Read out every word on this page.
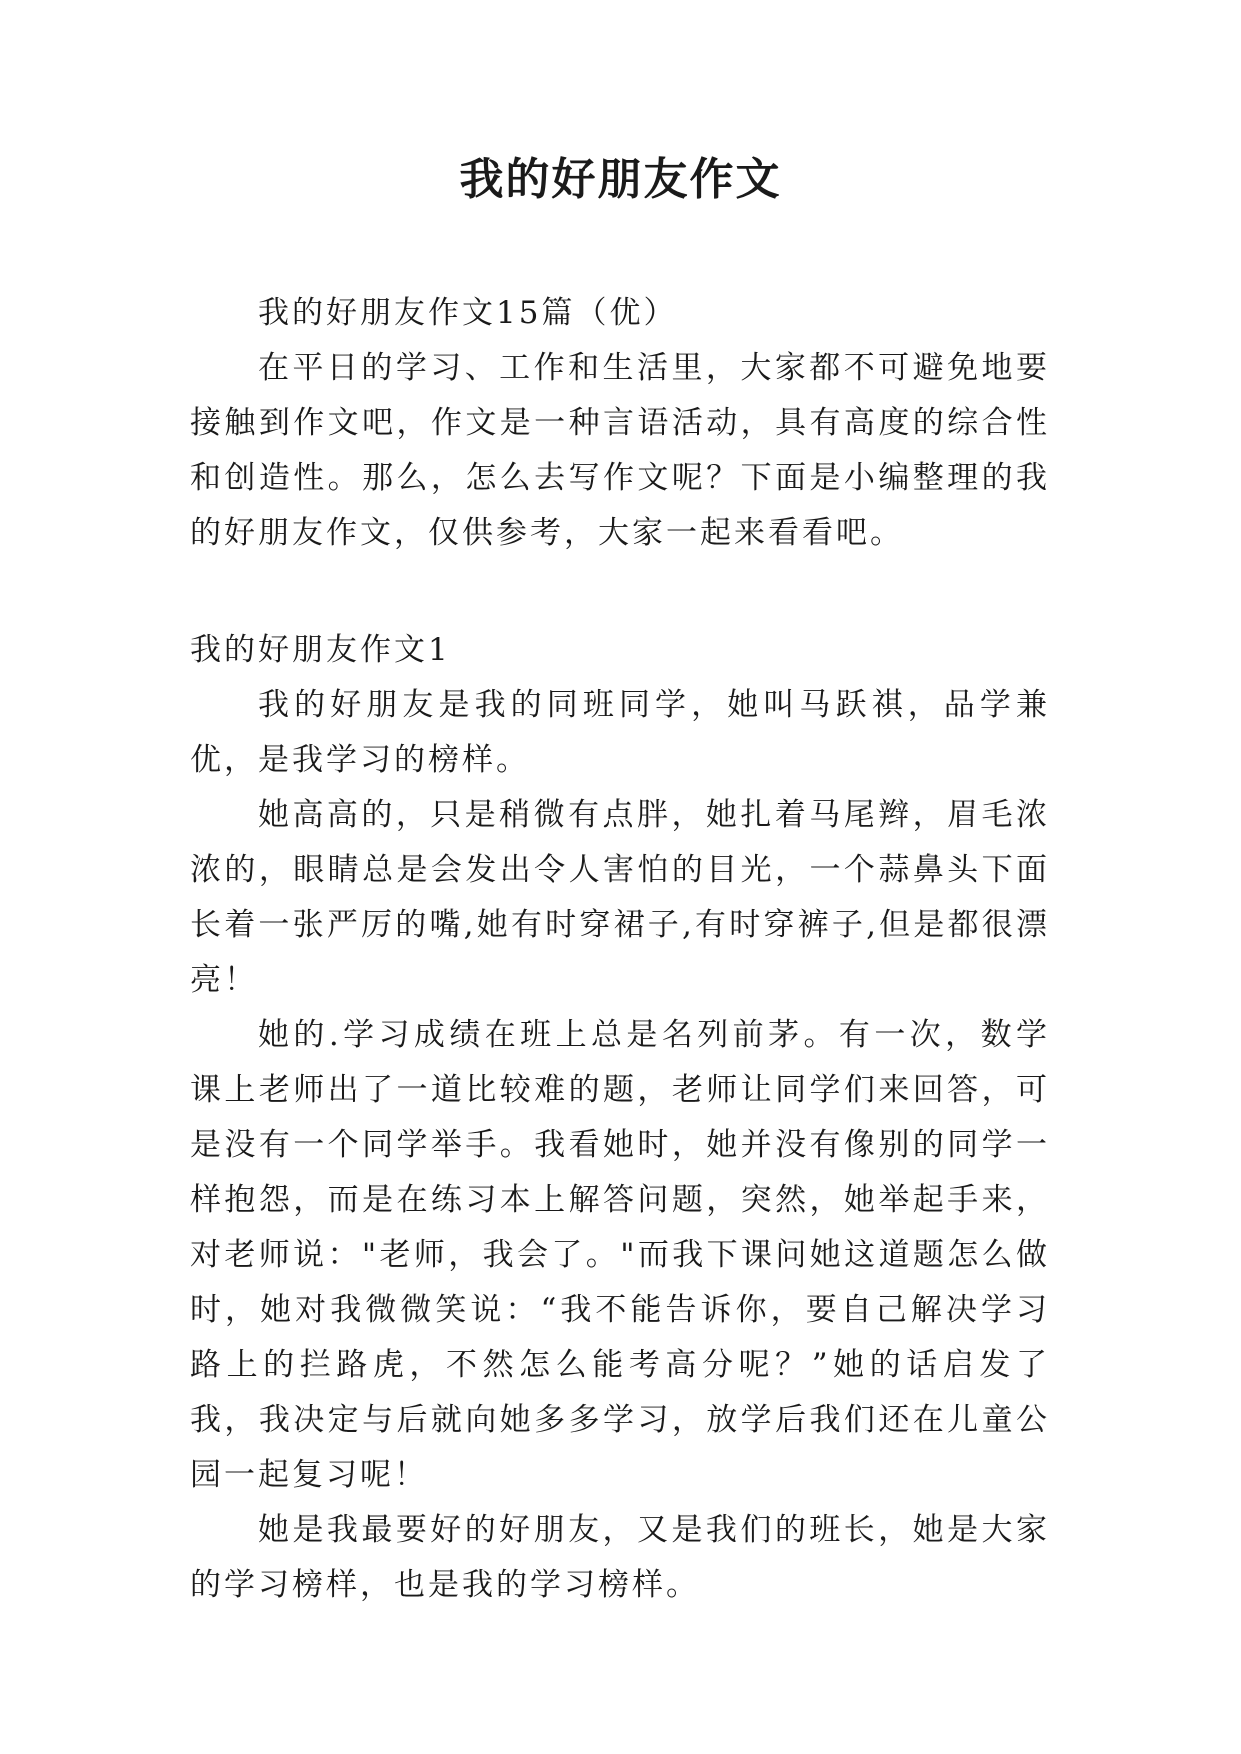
我的好朋友作文

我的好朋友作文15篇（优）

在平日的学习、工作和生活里，大家都不可避免地要接触到作文吧，作文是一种言语活动，具有高度的综合性和创造性。那么，怎么去写作文呢？下面是小编整理的我的好朋友作文，仅供参考，大家一起来看看吧。

我的好朋友作文1

我的好朋友是我的同班同学，她叫马跃祺，品学兼优，是我学习的榜样。

她高高的，只是稍微有点胖，她扎着马尾辫，眉毛浓浓的，眼睛总是会发出令人害怕的目光，一个蒜鼻头下面长着一张严厉的嘴,她有时穿裙子,有时穿裤子,但是都很漂亮！

她的.学习成绩在班上总是名列前茅。有一次，数学课上老师出了一道比较难的题，老师让同学们来回答，可是没有一个同学举手。我看她时，她并没有像别的同学一样抱怨，而是在练习本上解答问题，突然，她举起手来，对老师说："老师，我会了。"而我下课问她这道题怎么做时，她对我微微笑说：“我不能告诉你，要自己解决学习路上的拦路虎，不然怎么能考高分呢？”她的话启发了我，我决定与后就向她多多学习，放学后我们还在儿童公园一起复习呢！

她是我最要好的好朋友，又是我们的班长，她是大家的学习榜样，也是我的学习榜样。
